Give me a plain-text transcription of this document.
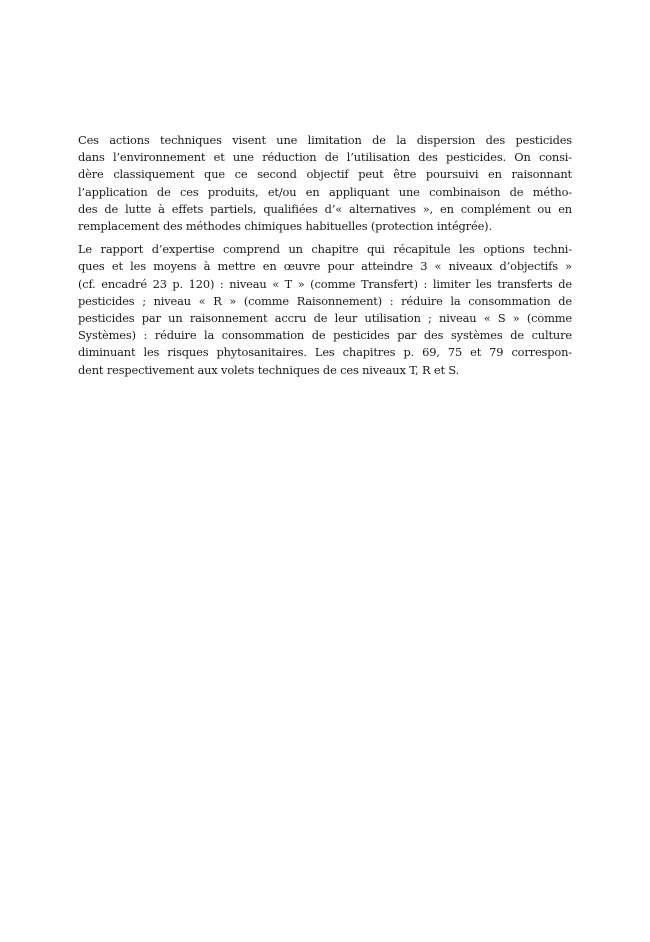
Ces actions techniques visent une limitation de la dispersion des pesticides
dans l’environnement et une réduction de l’utilisation des pesticides. On consi-
dère classiquement que ce second objectif peut être poursuivi en raisonnant
l’application de ces produits, et/ou en appliquant une combinaison de métho-
des de lutte à effets partiels, qualifiées d’« alternatives », en complément ou en
remplacement des méthodes chimiques habituelles (protection intégrée).

Le rapport d’expertise comprend un chapitre qui récapitule les options techni-
ques et les moyens à mettre en œuvre pour atteindre 3 « niveaux d’objectifs »
(cf. encadré 23 p. 120) : niveau « T » (comme Transfert) : limiter les transferts de
pesticides ; niveau « R » (comme Raisonnement) : réduire la consommation de
pesticides par un raisonnement accru de leur utilisation ; niveau « S » (comme
Systèmes) : réduire la consommation de pesticides par des systèmes de culture
diminuant les risques phytosanitaires. Les chapitres p. 69, 75 et 79 correspon-
dent respectivement aux volets techniques de ces niveaux T, R et S.
